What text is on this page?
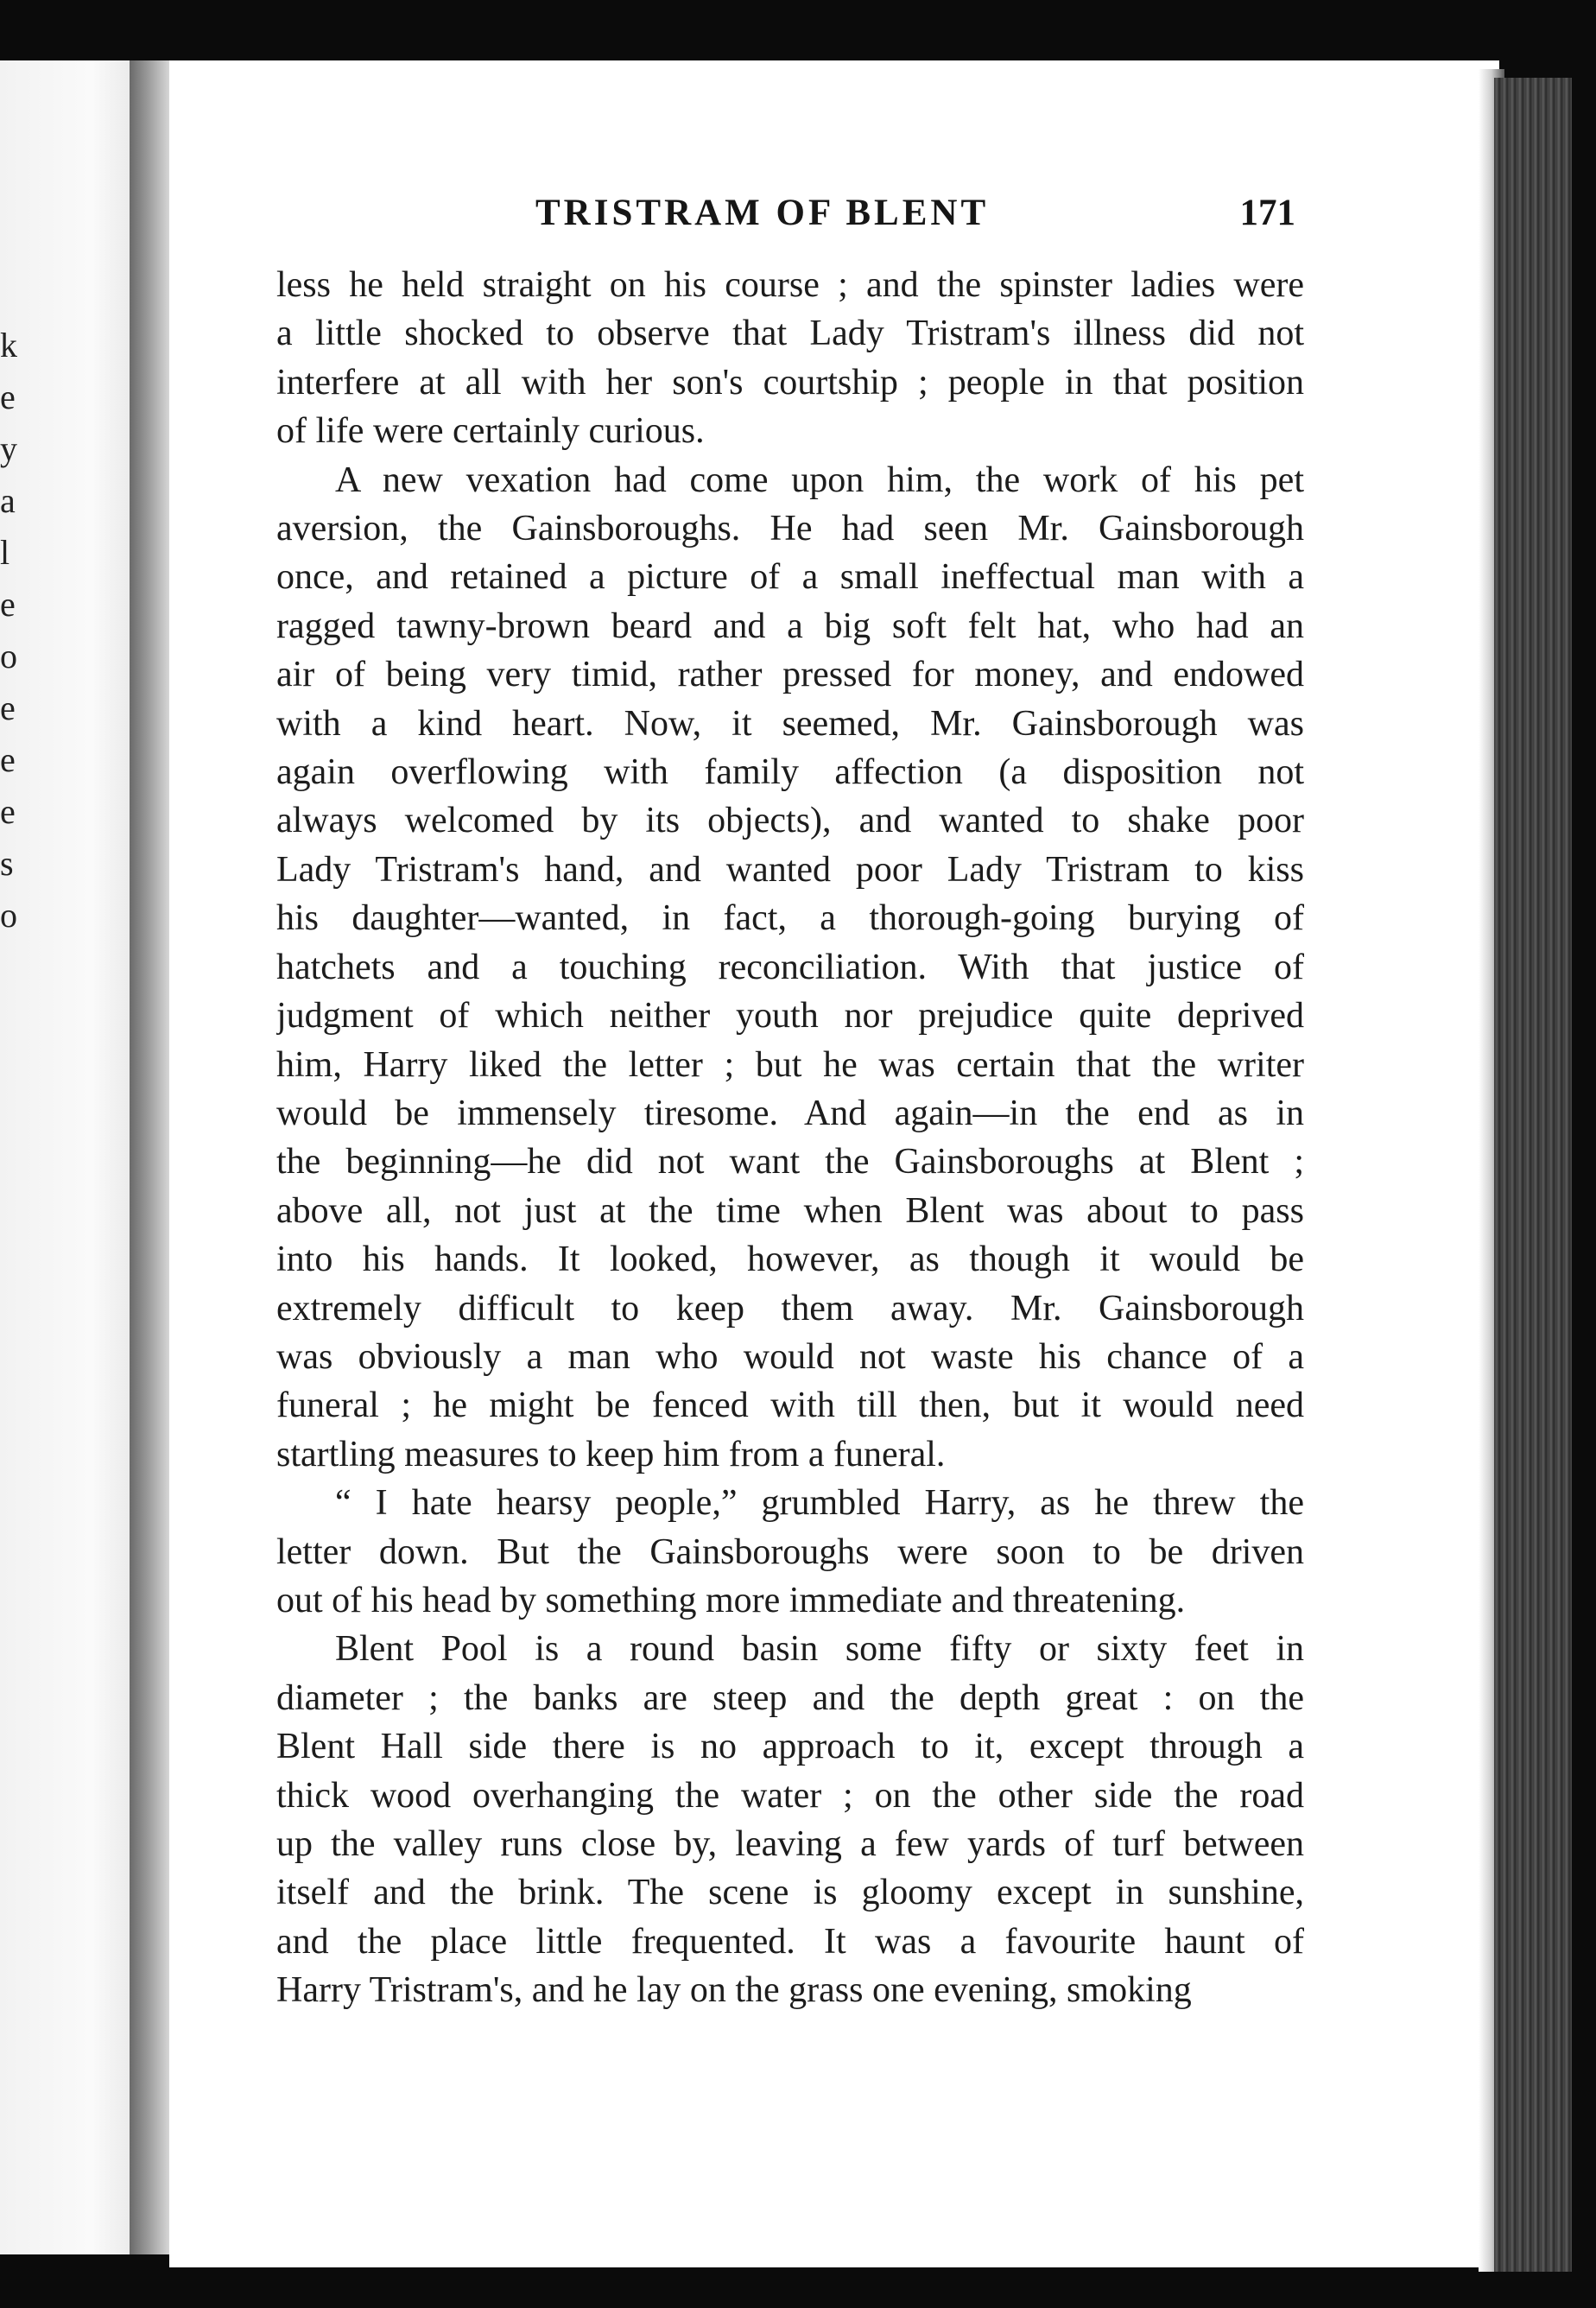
k
e
y
a
l
e
o
e
e
e
s
o
TRISTRAM OF BLENT	171
less he held straight on his course ; and the spinster ladies were
a little shocked to observe that Lady Tristram's illness did not
interfere at all with her son's courtship ; people in that position
of life were certainly curious.
A new vexation had come upon him, the work of his pet
aversion, the Gainsboroughs. He had seen Mr. Gainsborough
once, and retained a picture of a small ineffectual man with a
ragged tawny-brown beard and a big soft felt hat, who had an
air of being very timid, rather pressed for money, and endowed
with a kind heart. Now, it seemed, Mr. Gainsborough was
again overflowing with family affection (a disposition not
always welcomed by its objects), and wanted to shake poor
Lady Tristram's hand, and wanted poor Lady Tristram to kiss
his daughter—wanted, in fact, a thorough-going burying of
hatchets and a touching reconciliation. With that justice of
judgment of which neither youth nor prejudice quite deprived
him, Harry liked the letter ; but he was certain that the writer
would be immensely tiresome. And again—in the end as in
the beginning—he did not want the Gainsboroughs at Blent ;
above all, not just at the time when Blent was about to pass
into his hands. It looked, however, as though it would be
extremely difficult to keep them away. Mr. Gainsborough
was obviously a man who would not waste his chance of a
funeral ; he might be fenced with till then, but it would need
startling measures to keep him from a funeral.
“ I hate hearsy people,” grumbled Harry, as he threw the
letter down. But the Gainsboroughs were soon to be driven
out of his head by something more immediate and threatening.
Blent Pool is a round basin some fifty or sixty feet in
diameter ; the banks are steep and the depth great : on the
Blent Hall side there is no approach to it, except through a
thick wood overhanging the water ; on the other side the road
up the valley runs close by, leaving a few yards of turf between
itself and the brink. The scene is gloomy except in sunshine,
and the place little frequented. It was a favourite haunt of
Harry Tristram's, and he lay on the grass one evening, smoking
